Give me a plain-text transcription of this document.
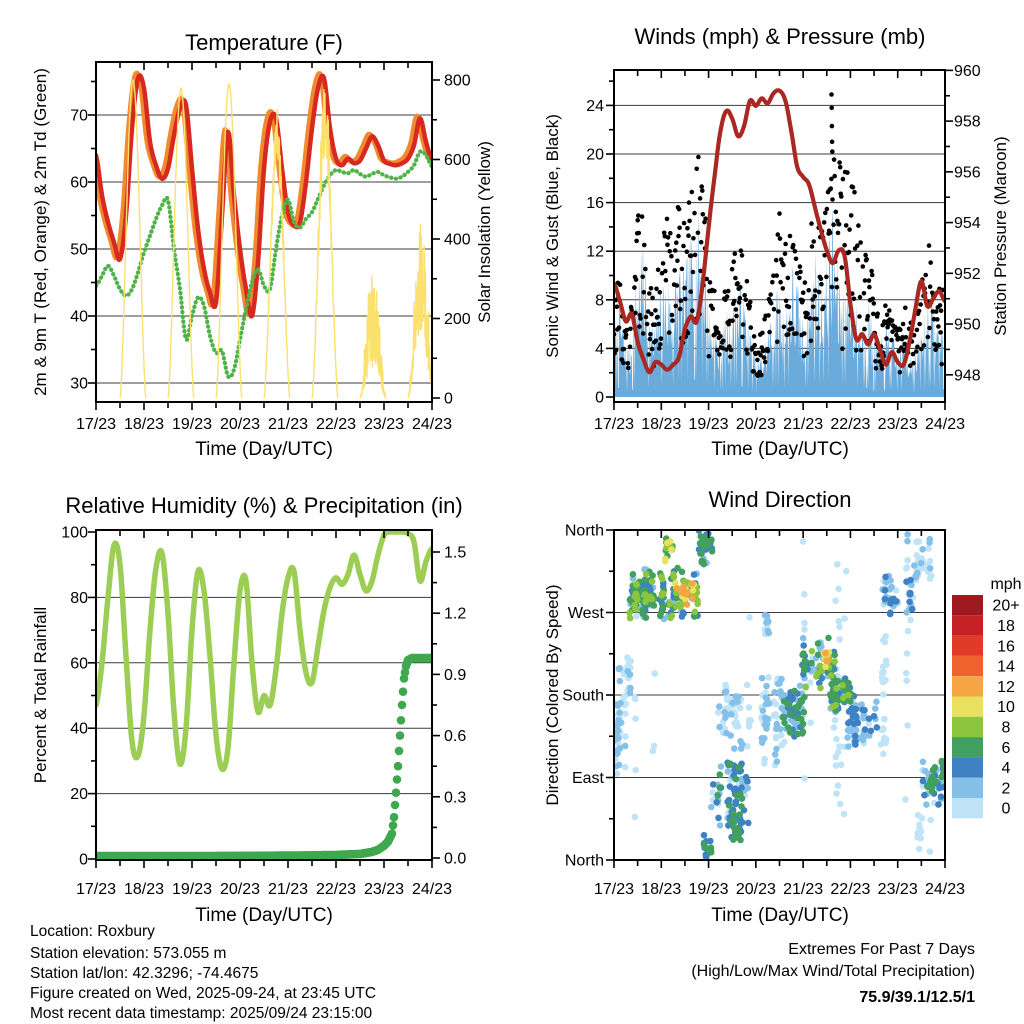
17/23 18/23 19/23 20/23 21/23 22/23 23/23 24/23
30
40
50
60
70
0
200
400
600
800
17/23 18/23 19/23 20/23 21/23 22/23 23/23 24/23
0
4
8
12
16
20
24
948
950
952
954
956
958
960
17/23 18/23 19/23 20/23 21/23 22/23 23/23 24/23
0
20
40
60
80
100
0.0
0.3
0.6
0.9
1.2
1.5
17/23 18/23 19/23 20/23 21/23 22/23 23/23 24/23
North
West
South
East
North
20+
18
16
14
12
10
8
6
4
2
0
Temperature (F)	Winds (mph) & Pressure (mb)
Relative Humidity (%) & Precipitation (in)	Wind Direction
Time (Day/UTC)	Time (Day/UTC)
Time (Day/UTC)	Time (Day/UTC)
2m & 9m T (Red, Orange) & 2m Td (Green)	Solar Insolation (Yellow)	Sonic Wind & Gust (Blue, Black)	Station Pressure (Maroon)
Percent & Total Rainfall	Direction (Colored By Speed)	mph
Location: Roxbury
Station elevation: 573.055 m
Station lat/lon: 42.3296; -74.4675
Figure created on Wed, 2025-09-24, at 23:45 UTC
Most recent data timestamp: 2025/09/24 23:15:00
Extremes For Past 7 Days
(High/Low/Max Wind/Total Precipitation)
75.9/39.1/12.5/1
